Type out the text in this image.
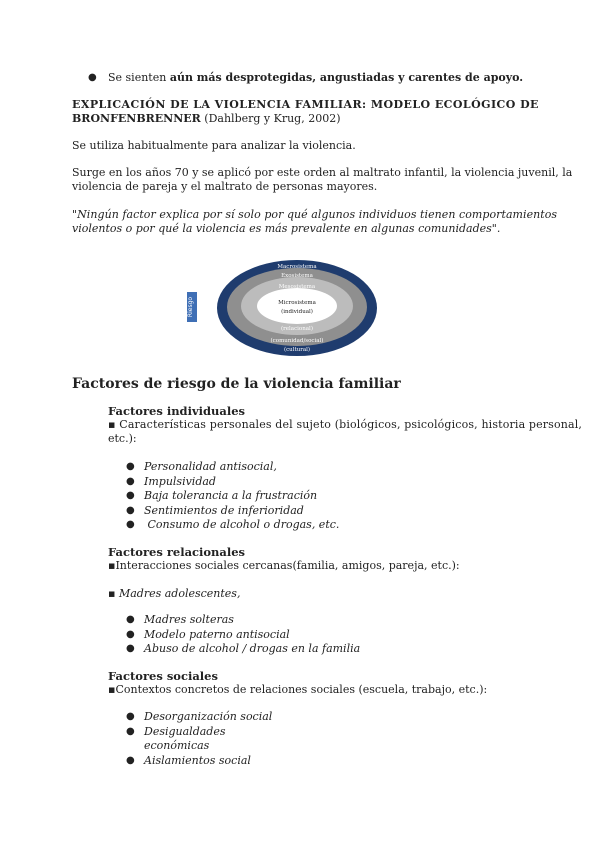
● Se sienten aún más desprotegidas, angustiadas y carentes de apoyo.
EXPLICACIÓN DE LA VIOLENCIA FAMILIAR: MODELO ECOLÓGICO DE
BRONFENBRENNER (Dahlberg y Krug, 2002)
Se utiliza habitualmente para analizar la violencia.
Surge en los años 70 y se aplicó por este orden al maltrato infantil, la violencia juvenil, la
violencia de pareja y el maltrato de personas mayores.
"Ningún factor explica por sí solo por qué algunos individuos tienen comportamientos
violentos o por qué la violencia es más prevalente en algunas comunidades".
Riesgo
Macrosistema
(cultural)
Exosistema
(comunidad/social)
Mesosistema
(relacional)
Microsistema
(individual)
Factores de riesgo de la violencia familiar
Factores individuales
▪ Características personales del sujeto (biológicos, psicológicos, historia personal,
etc.):
● Personalidad antisocial,
● Impulsividad
● Baja tolerancia a la frustración
● Sentimientos de inferioridad
● Consumo de alcohol o drogas, etc.
Factores relacionales
▪Interacciones sociales cercanas(familia, amigos, pareja, etc.):
▪ Madres adolescentes,
● Madres solteras
● Modelo paterno antisocial
● Abuso de alcohol / drogas en la familia
Factores sociales
▪Contextos concretos de relaciones sociales (escuela, trabajo, etc.):
● Desorganización social
● Desigualdades
económicas
● Aislamientos social
